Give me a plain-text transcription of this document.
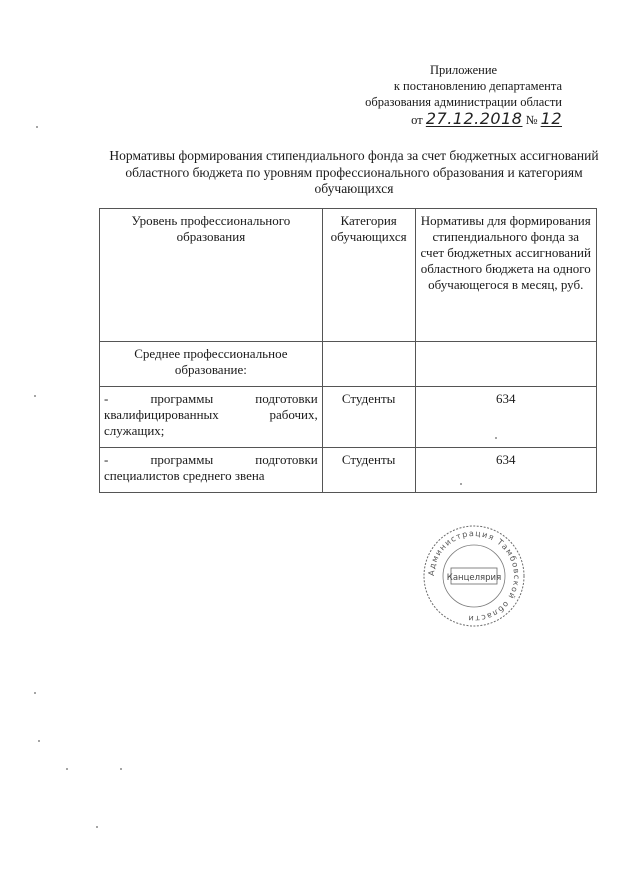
Приложение
к постановлению департамента
образования администрации области
от 27.12.2018 № 12
Нормативы формирования стипендиального фонда за счет бюджетных ассигнований областного бюджета по уровням профессионального образования и категориям обучающихся
Уровень профессионального образования	Категория обучающихся	Нормативы для формирования стипендиального фонда за счет бюджетных ассигнований областного бюджета на одного обучающегося в месяц, руб.
Среднее профессиональное образование:		
- программы подготовки квалифицированных рабочих, служащих;	Студенты	634
- программы подготовки специалистов среднего звена	Студенты	634
Администрация Тамбовской области
Канцелярия
